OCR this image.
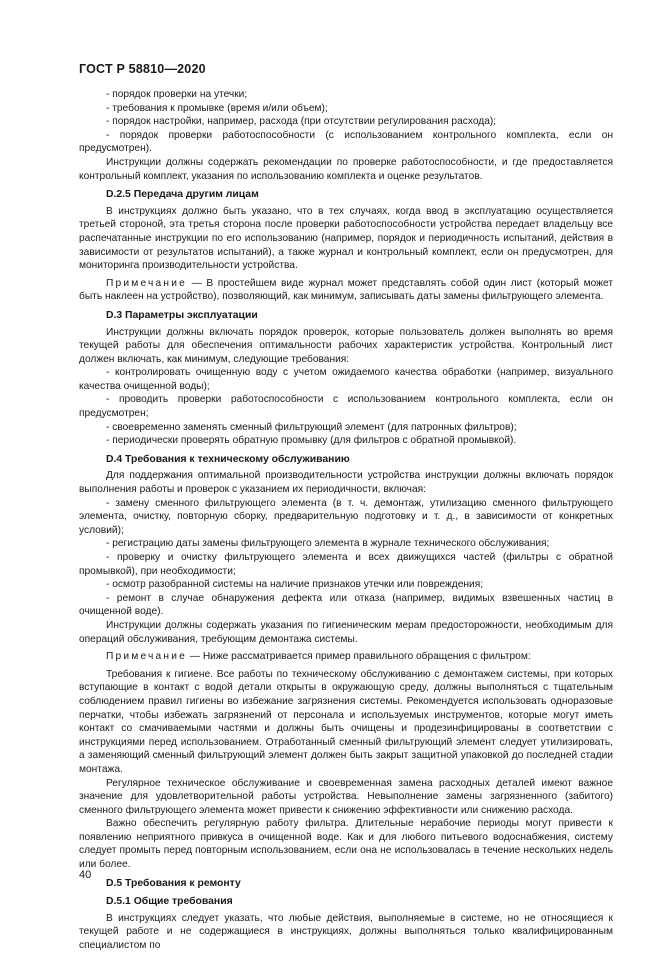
ГОСТ Р 58810—2020

- порядок проверки на утечки;

- требования к промывке (время и/или объем);

- порядок настройки, например, расхода (при отсутствии регулирования расхода);

- порядок проверки работоспособности (с использованием контрольного комплекта, если он предусмотрен).

Инструкции должны содержать рекомендации по проверке работоспособности, и где предоставляется контрольный комплект, указания по использованию комплекта и оценке результатов.

D.2.5 Передача другим лицам

В инструкциях должно быть указано, что в тех случаях, когда ввод в эксплуатацию осуществляется третьей стороной, эта третья сторона после проверки работоспособности устройства передает владельцу все распечатанные инструкции по его использованию (например, порядок и периодичность испытаний, действия в зависимости от результатов испытаний), а также журнал и контрольный комплект, если он предусмотрен, для мониторинга производительности устройства.

Примечание — В простейшем виде журнал может представлять собой один лист (который может быть наклеен на устройство), позволяющий, как минимум, записывать даты замены фильтрующего элемента.

D.3 Параметры эксплуатации

Инструкции должны включать порядок проверок, которые пользователь должен выполнять во время текущей работы для обеспечения оптимальности рабочих характеристик устройства. Контрольный лист должен включать, как минимум, следующие требования:

- контролировать очищенную воду с учетом ожидаемого качества обработки (например, визуального качества очищенной воды);

- проводить проверки работоспособности с использованием контрольного комплекта, если он предусмотрен;

- своевременно заменять сменный фильтрующий элемент (для патронных фильтров);

- периодически проверять обратную промывку (для фильтров с обратной промывкой).

D.4 Требования к техническому обслуживанию

Для поддержания оптимальной производительности устройства инструкции должны включать порядок выполнения работы и проверок с указанием их периодичности, включая:

- замену сменного фильтрующего элемента (в т. ч. демонтаж, утилизацию сменного фильтрующего элемента, очистку, повторную сборку, предварительную подготовку и т. д., в зависимости от конкретных условий);

- регистрацию даты замены фильтрующего элемента в журнале технического обслуживания;

- проверку и очистку фильтрующего элемента и всех движущихся частей (фильтры с обратной промывкой), при необходимости;

- осмотр разобранной системы на наличие признаков утечки или повреждения;

- ремонт в случае обнаружения дефекта или отказа (например, видимых взвешенных частиц в очищенной воде).

Инструкции должны содержать указания по гигиеническим мерам предосторожности, необходимым для операций обслуживания, требующим демонтажа системы.

Примечание — Ниже рассматривается пример правильного обращения с фильтром:

Требования к гигиене. Все работы по техническому обслуживанию с демонтажем системы, при которых вступающие в контакт с водой детали открыты в окружающую среду, должны выполняться с тщательным соблюдением правил гигиены во избежание загрязнения системы. Рекомендуется использовать одноразовые перчатки, чтобы избежать загрязнений от персонала и используемых инструментов, которые могут иметь контакт со смачиваемыми частями и должны быть очищены и продезинфицированы в соответствии с инструкциями перед использованием. Отработанный сменный фильтрующий элемент следует утилизировать, а заменяющий сменный фильтрующий элемент должен быть закрыт защитной упаковкой до последней стадии монтажа.

Регулярное техническое обслуживание и своевременная замена расходных деталей имеют важное значение для удовлетворительной работы устройства. Невыполнение замены загрязненного (забитого) сменного фильтрующего элемента может привести к снижению эффективности или снижению расхода.

Важно обеспечить регулярную работу фильтра. Длительные нерабочие периоды могут привести к появлению неприятного привкуса в очищенной воде. Как и для любого питьевого водоснабжения, систему следует промыть перед повторным использованием, если она не использовалась в течение нескольких недель или более.

D.5 Требования к ремонту
D.5.1 Общие требования

В инструкциях следует указать, что любые действия, выполняемые в системе, но не относящиеся к текущей работе и не содержащиеся в инструкциях, должны выполняться только квалифицированным специалистом по

40
